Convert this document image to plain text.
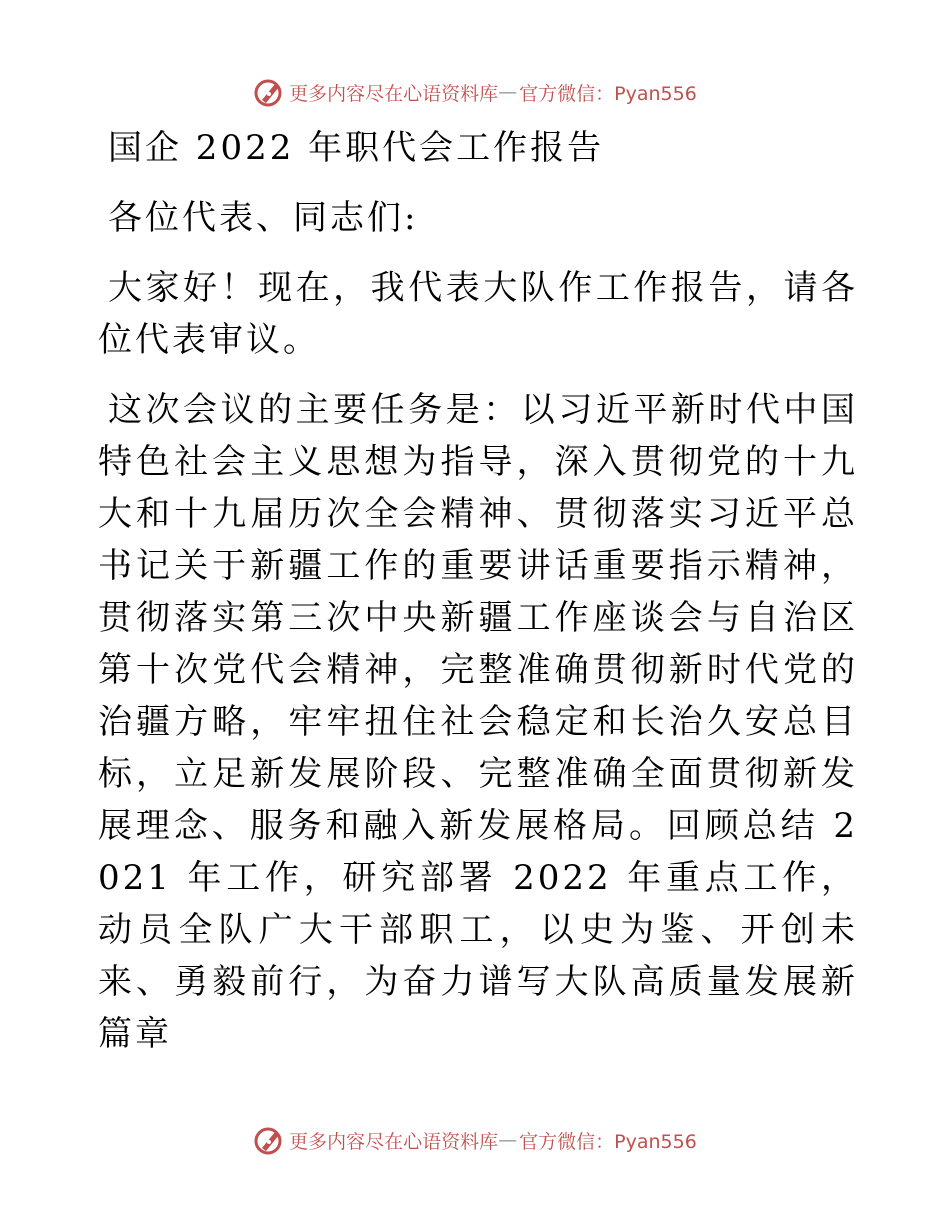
更多内容尽在心语资料库 — 官方微信：Pyan556

国企 2022 年职代会工作报告

各位代表、同志们:

大家好！现在，我代表大队作工作报告，请各位代表审议。

这次会议的主要任务是：以习近平新时代中国特色社会主义思想为指导，深入贯彻党的十九大和十九届历次全会精神、贯彻落实习近平总书记关于新疆工作的重要讲话重要指示精神，贯彻落实第三次中央新疆工作座谈会与自治区第十次党代会精神，完整准确贯彻新时代党的治疆方略，牢牢扭住社会稳定和长治久安总目标，立足新发展阶段、完整准确全面贯彻新发展理念、服务和融入新发展格局。回顾总结 2021 年工作，研究部署 2022 年重点工作，动员全队广大干部职工，以史为鉴、开创未来、勇毅前行，为奋力谱写大队高质量发展新篇章

更多内容尽在心语资料库 — 官方微信：Pyan556
